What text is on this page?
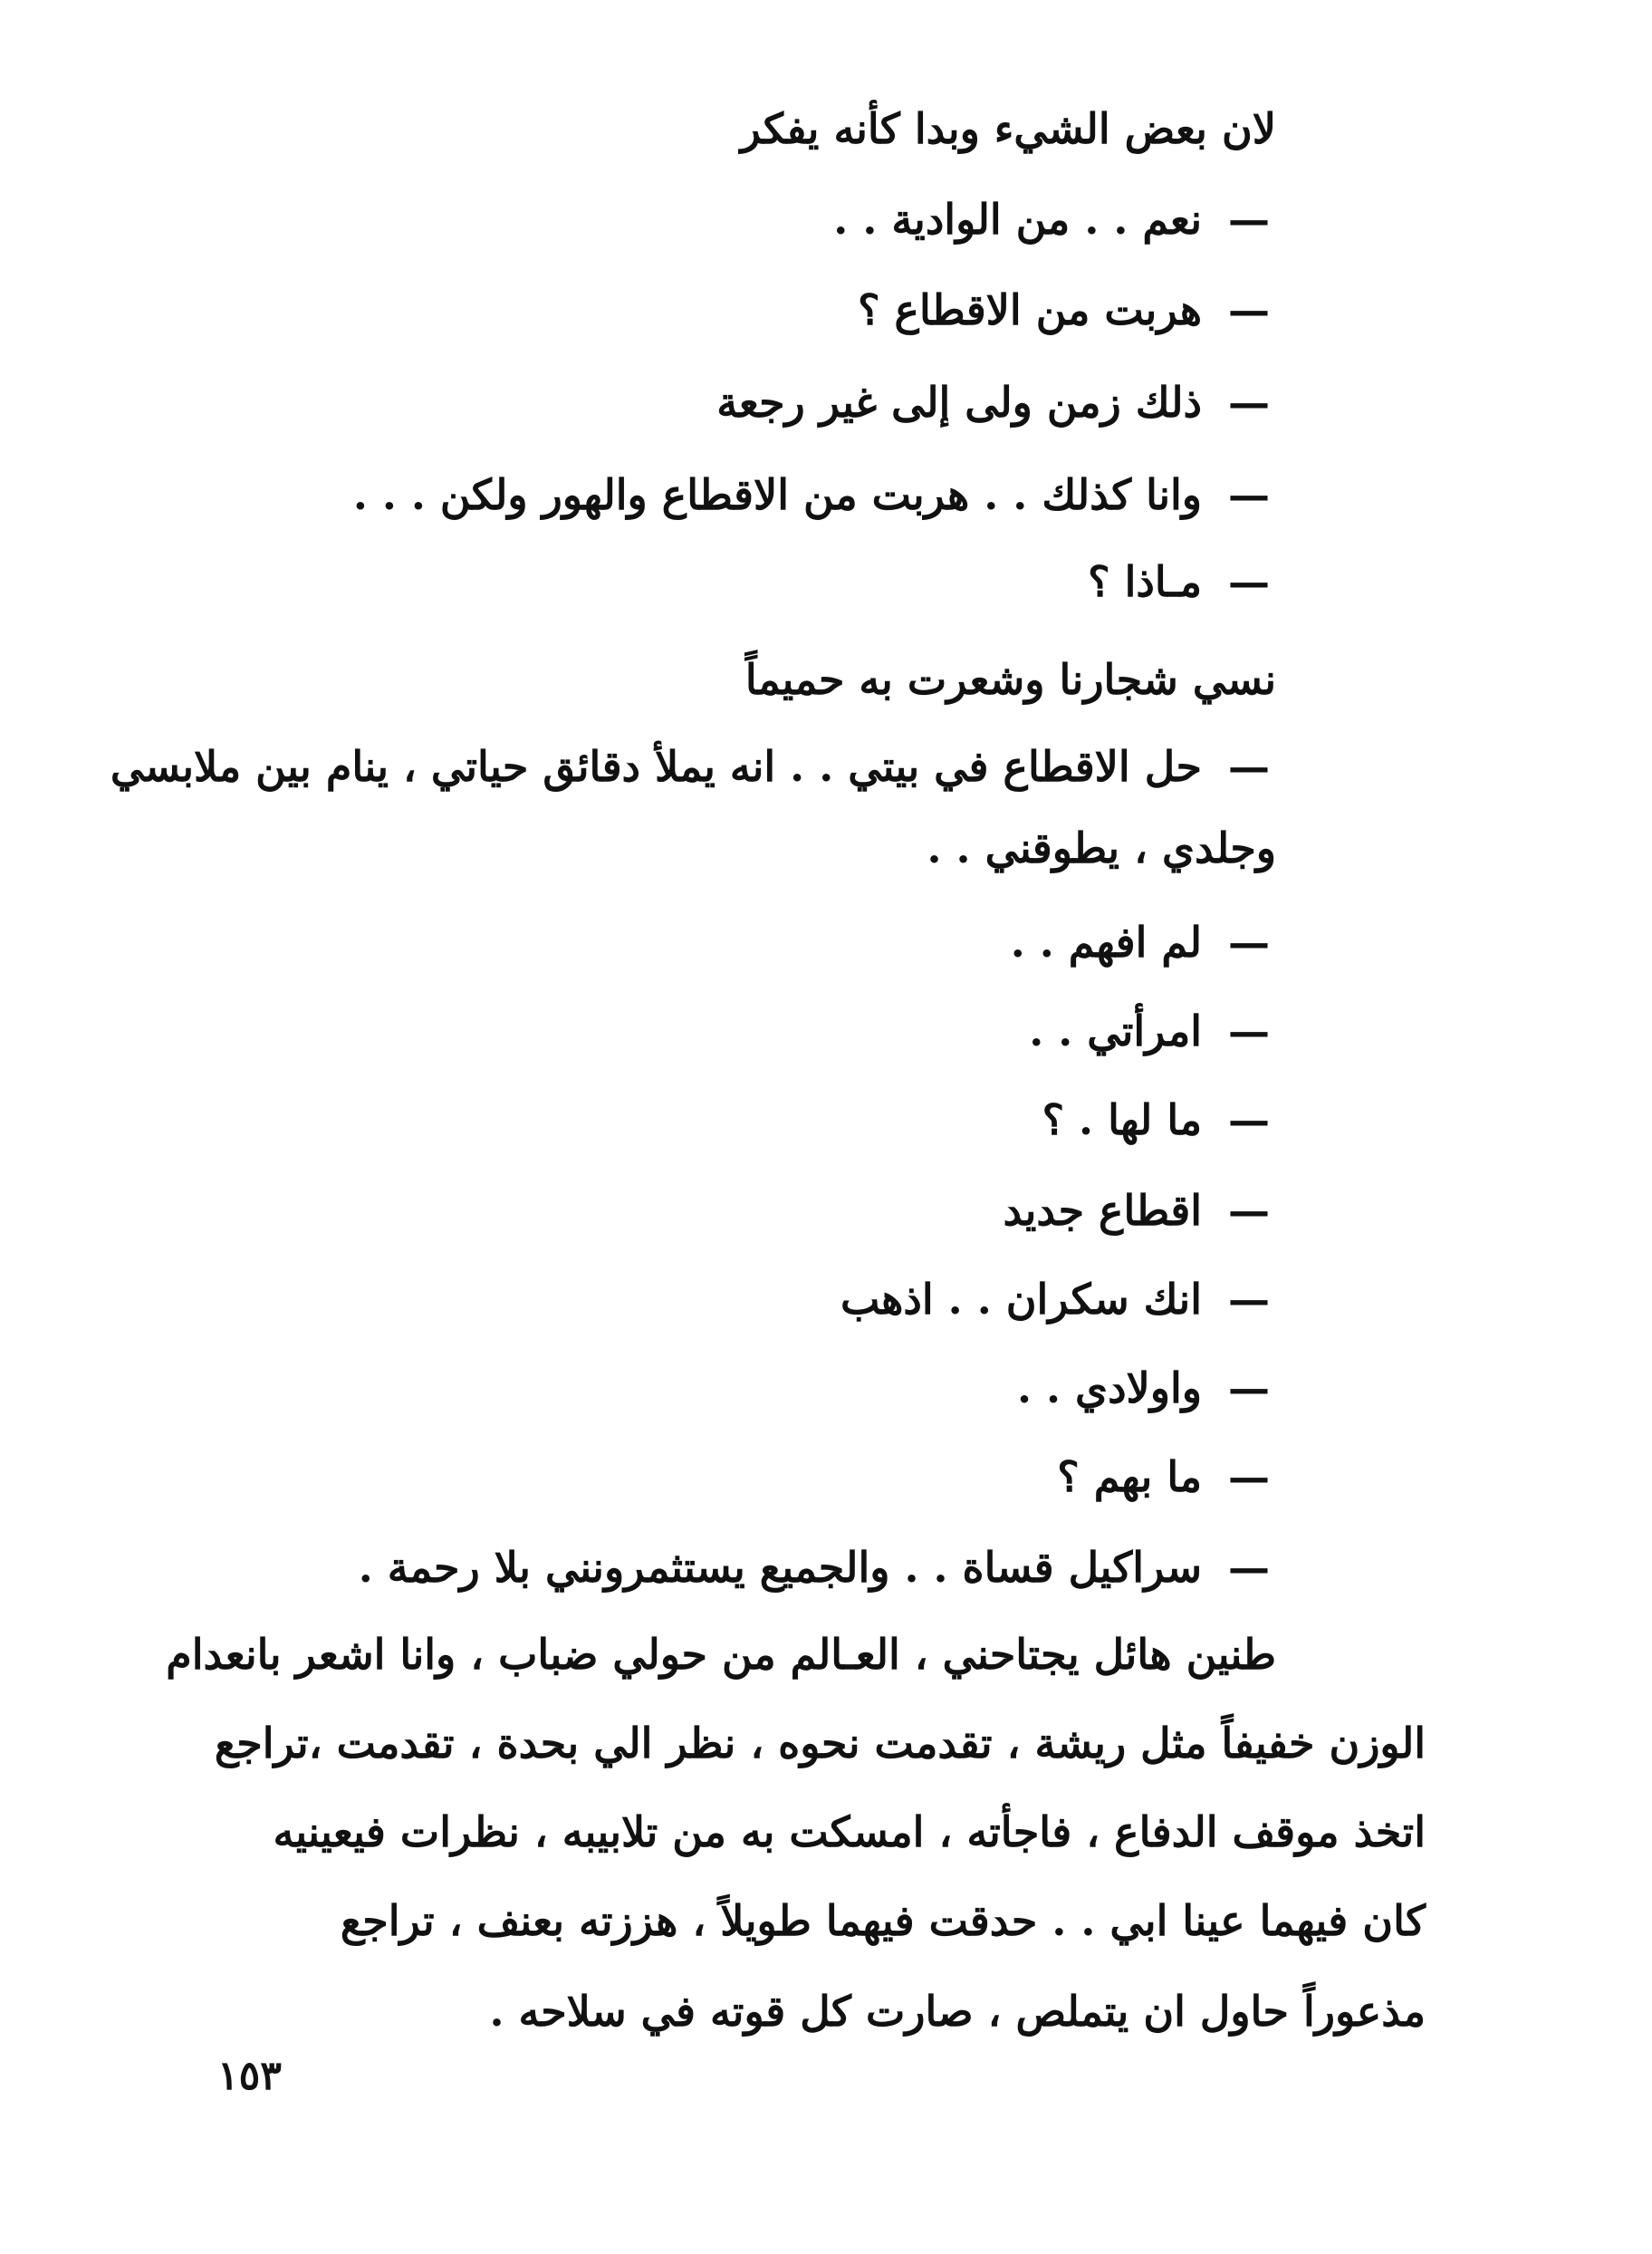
لان بعض الشيء وبدا كأنه يفكر
—نعم . . من الوادية . .
—هربت من الاقطاع ؟
—ذلك زمن ولى إلى غير رجعة
—وانا كذلك . . هربت من الاقطاع والهور ولكن . . .
—مـاذا ؟
نسي شجارنا وشعرت به حميماً
—حل الاقطاع في بيتي . . انه يملأ دقائق حياتي ، ينام بين ملابسي
وجلدي ، يطوقني . .
—لم افهم . .
—امرأتي . .
—ما لها . ؟
—اقطاع جديد
—انك سكران . . اذهب
—واولادي . .
—ما بهم ؟
—سراكيل قساة . . والجميع يستثمرونني بلا رحمة .
طنين هائل يجتاحني ، العـالم من حولي ضباب ، وانا اشعر بانعدام
الوزن خفيفاً مثل ريشة ، تقدمت نحوه ، نظر الي بحدة ، تقدمت ،تراجع
اتخذ موقف الدفاع ، فاجأته ، امسكت به من تلابيبه ، نظرات فيعينيه
كان فيهما عينا ابي . . حدقت فيهما طويلاً ، هززته بعنف ، تراجع
مذعوراً حاول ان يتملص ، صارت كل قوته في سلاحه .
١٥٣
